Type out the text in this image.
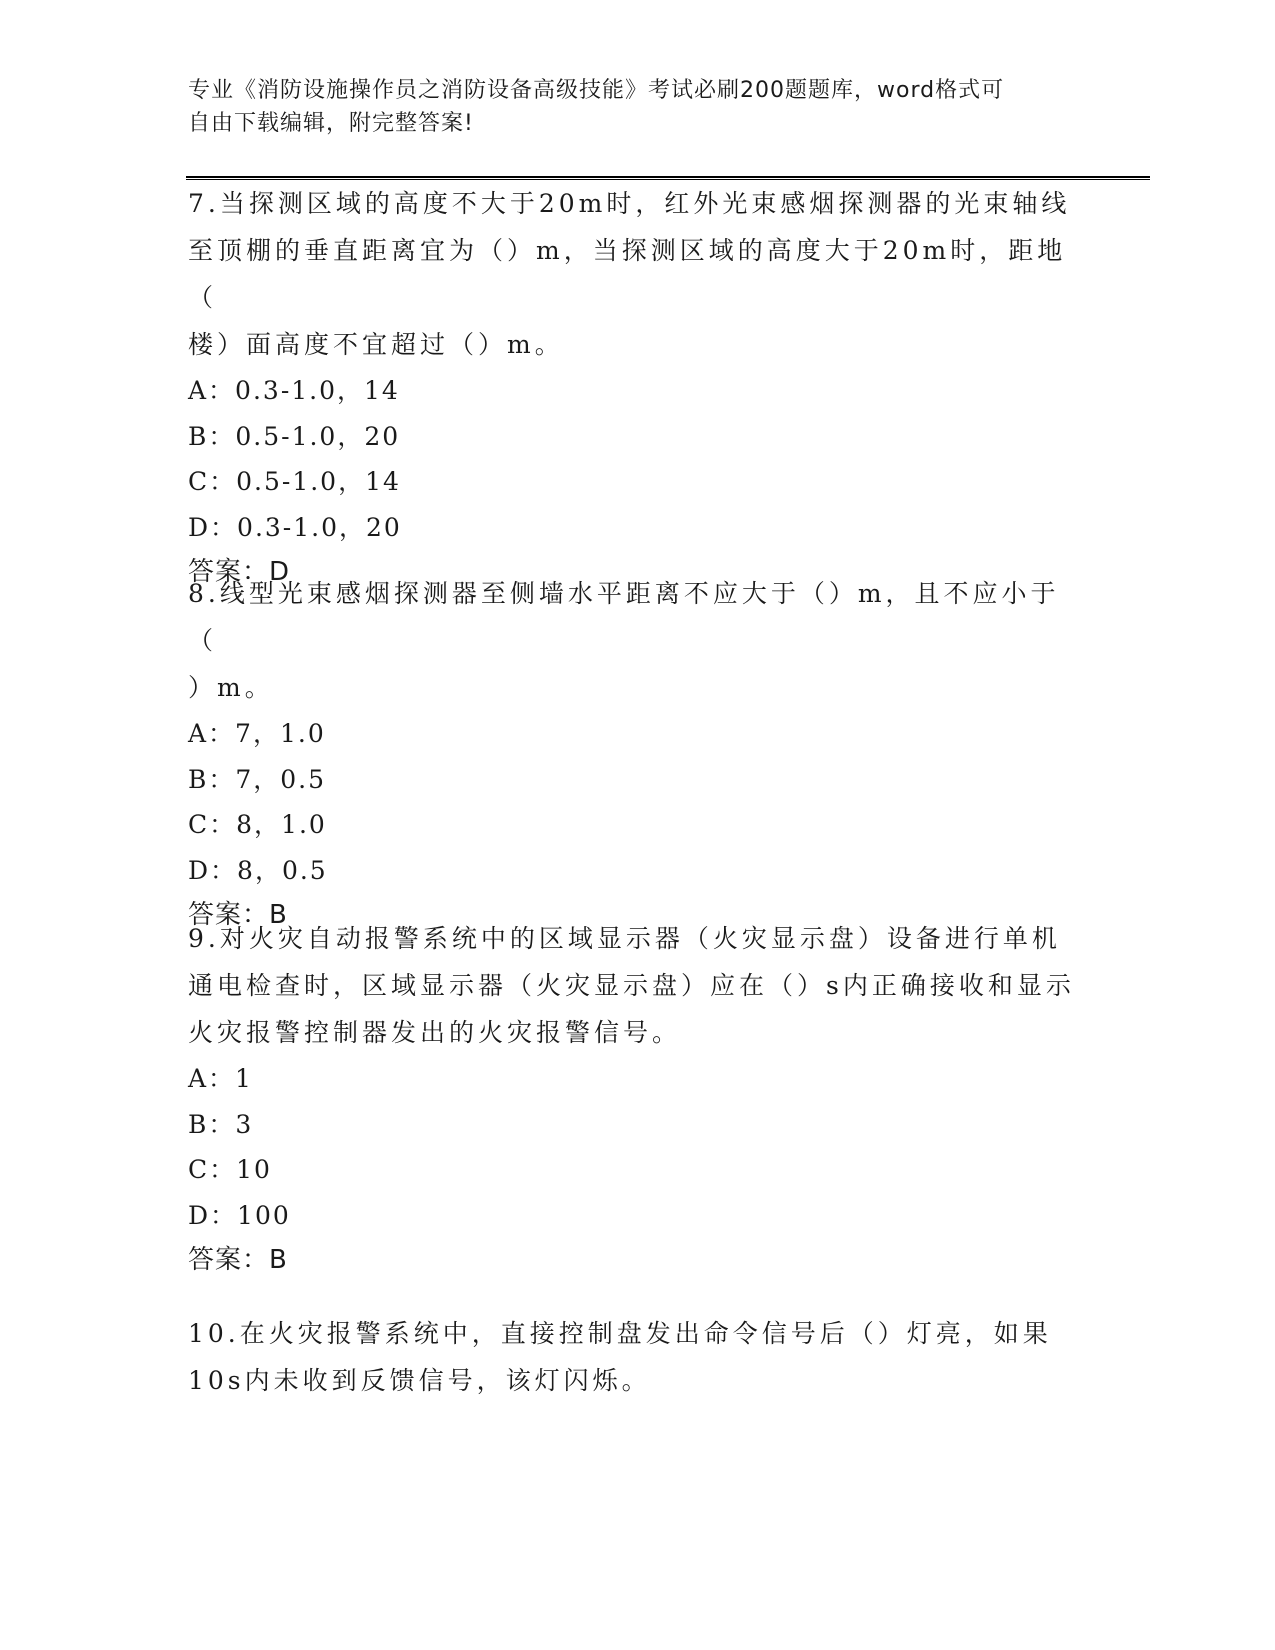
专业《消防设施操作员之消防设备高级技能》考试必刷200题题库，word格式可
自由下载编辑，附完整答案!

7.当探测区域的高度不大于20m时，红外光束感烟探测器的光束轴线

至顶棚的垂直距离宜为（）m，当探测区域的高度大于20m时，距地（

楼）面高度不宜超过（）m。

A：0.3-1.0，14

B：0.5-1.0，20

C：0.5-1.0，14

D：0.3-1.0，20

答案：D

8.线型光束感烟探测器至侧墙水平距离不应大于（）m，且不应小于（

）m。

A：7，1.0

B：7，0.5

C：8，1.0

D：8，0.5

答案：B

9.对火灾自动报警系统中的区域显示器（火灾显示盘）设备进行单机

通电检查时，区域显示器（火灾显示盘）应在（）s内正确接收和显示

火灾报警控制器发出的火灾报警信号。

A：1

B：3

C：10

D：100

答案：B

10.在火灾报警系统中，直接控制盘发出命令信号后（）灯亮，如果

10s内未收到反馈信号，该灯闪烁。
